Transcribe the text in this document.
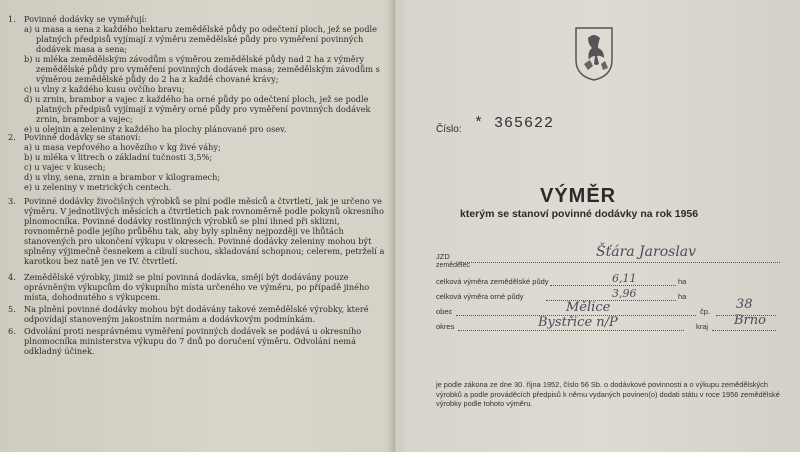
1. Povinné dodávky se vyměřují:
a) u masa a sena z každého hektaru zemědělské půdy po odečtení ploch, jež se podle platných předpisů vyjímají z výměru zemědělské půdy pro vyměření povinných dodávek masa a sena;
b) u mléka zemědělským závodům s výměrou zemědělské půdy nad 2 ha z výměry zemědělské půdy pro vyměření povinných dodávek masa; zemědělským závodům s výměrou zemědělské půdy do 2 ha z každé chované krávy;
c) u vlny z každého kusu ovčího bravu;
d) u zrnin, brambor a vajec z každého ha orné půdy po odečtení ploch, jež se podle platných předpisů vyjímají z výměry orné půdy pro vyměření povinných dodávek zrnin, brambor a vajec;
e) u olejnin a zeleniny z každého ha plochy plánované pro osev.
2. Povinné dodávky se stanoví:
a) u masa vepřového a hovězího v kg živé váhy;
b) u mléka v litrech o základní tučnosti 3,5%;
c) u vajec v kusech;
d) u vlny, sena, zrnin a brambor v kilogramech;
e) u zeleniny v metrických centech.
3. Povinné dodávky živočišných výrobků se plní podle měsíců a čtvrtletí, jak je určeno ve výměru. V jednotlivých měsících a čtvrtletích pak rovnoměrně podle pokynů okresního plnomocníka. Povinné dodávky rostlinných výrobků se plní ihned při sklizni, rovnoměrně podle jejího průběhu tak, aby byly splněny nejpozději ve lhůtách stanovených pro ukončení výkupu v okresech. Povinné dodávky zeleniny mohou být splněny výjimečně česnekem a cibulí suchou, skladování schopnou; celerem, petrželí a karotkou bez natě jen ve IV. čtvrtletí.
4. Zemědělské výrobky, jimiž se plní povinná dodávka, smějí být dodávány pouze oprávněným výkupcům do výkupního místa určeného ve výměru, po případě jiného místa, dohodnutého s výkupcem.
5. Na plnění povinné dodávky mohou být dodávány takové zemědělské výrobky, které odpovídají stanoveným jakostním normám a dodávkovým podmínkám.
6. Odvolání proti nesprávnému vyměření povinných dodávek se podává u okresního plnomocníka ministerstva výkupu do 7 dnů po doručení výměru. Odvolání nemá odkladný účinek.
Číslo: * 365622
VÝMĚR
kterým se stanoví povinné dodávky na rok 1956
JZD
zemědělec
Šťára Jaroslav
celková výměra zemědělské půdy	6,11	ha
celková výměra orné půdy	3,96	ha
obec	Mělice	čp. 38
okres	Bystřice n/P	kraj Brno
je podle zákona ze dne 30. října 1952, číslo 56 Sb. o dodávkové povinnosti a o výkupu zemědělských výrobků a podle prováděcích předpisů k němu vydaných povinen(o) dodati státu v roce 1956 zemědělské výrobky podle tohoto výměru.
